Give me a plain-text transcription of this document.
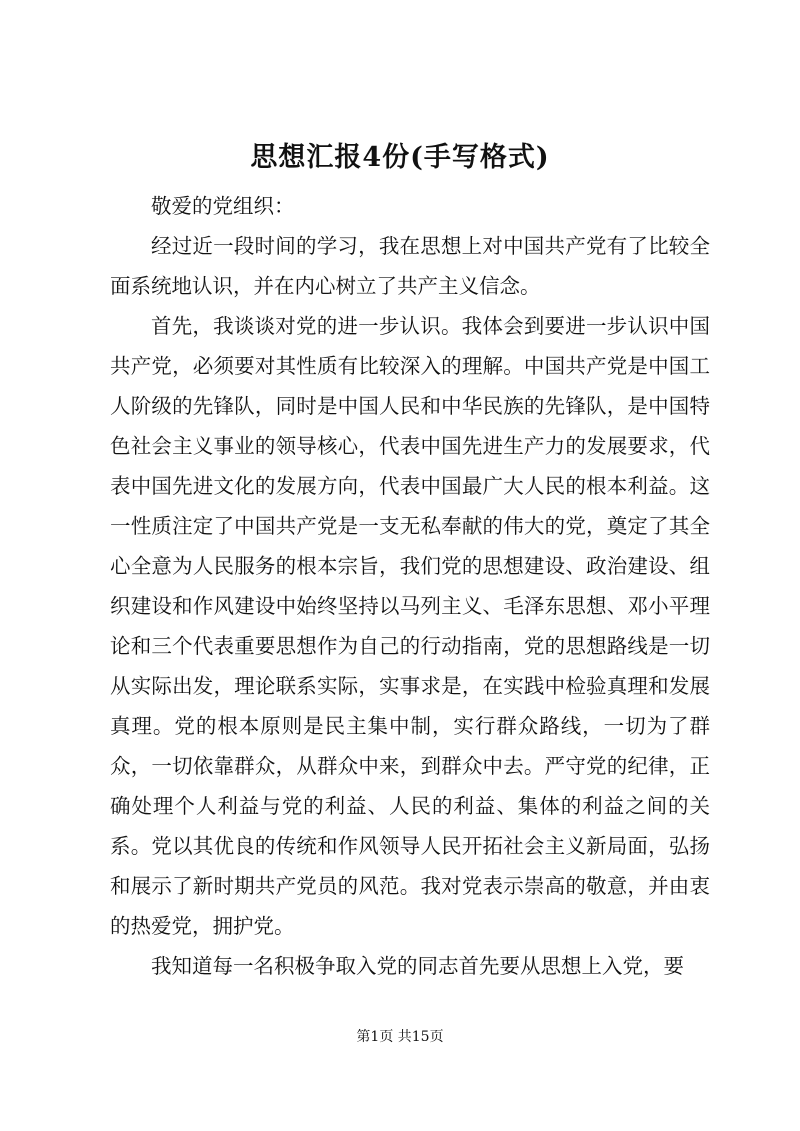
思想汇报4份(手写格式)

敬爱的党组织：

经过近一段时间的学习，我在思想上对中国共产党有了比较全面系统地认识，并在内心树立了共产主义信念。

首先，我谈谈对党的进一步认识。我体会到要进一步认识中国共产党，必须要对其性质有比较深入的理解。中国共产党是中国工人阶级的先锋队，同时是中国人民和中华民族的先锋队，是中国特色社会主义事业的领导核心，代表中国先进生产力的发展要求，代表中国先进文化的发展方向，代表中国最广大人民的根本利益。这一性质注定了中国共产党是一支无私奉献的伟大的党，奠定了其全心全意为人民服务的根本宗旨，我们党的思想建设、政治建设、组织建设和作风建设中始终坚持以马列主义、毛泽东思想、邓小平理论和三个代表重要思想作为自己的行动指南，党的思想路线是一切从实际出发，理论联系实际，实事求是，在实践中检验真理和发展真理。党的根本原则是民主集中制，实行群众路线，一切为了群众，一切依靠群众，从群众中来，到群众中去。严守党的纪律，正确处理个人利益与党的利益、人民的利益、集体的利益之间的关系。党以其优良的传统和作风领导人民开拓社会主义新局面，弘扬和展示了新时期共产党员的风范。我对党表示崇高的敬意，并由衷的热爱党，拥护党。

我知道每一名积极争取入党的同志首先要从思想上入党，要

第1页 共15页
